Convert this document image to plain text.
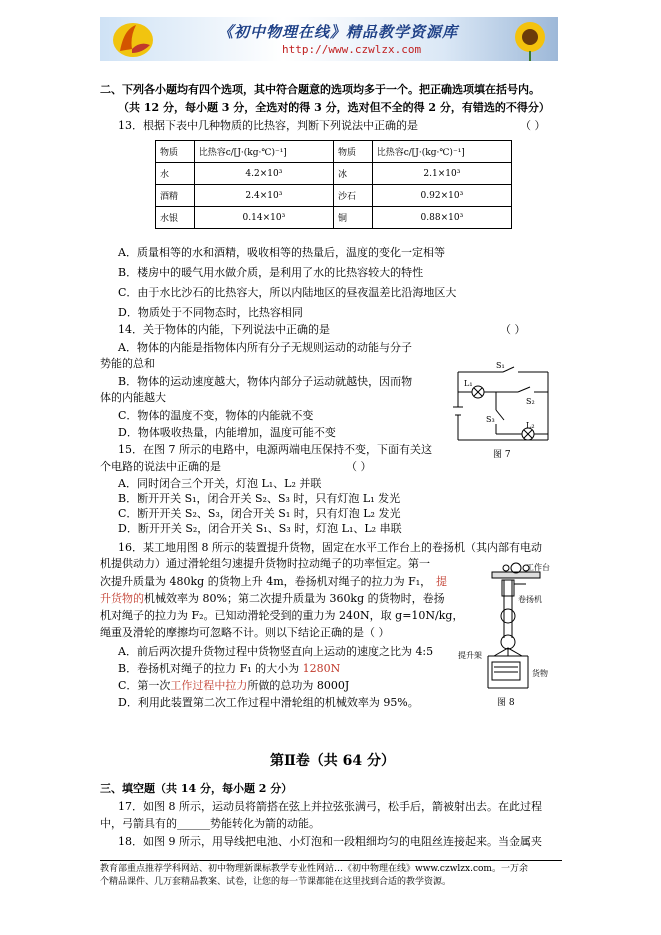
《初中物理在线》精品教学资源库
http://www.czwlzx.com
二、下列各小题均有四个选项，其中符合题意的选项均多于一个。把正确选项填在括号内。
（共 12 分，每小题 3 分，全选对的得 3 分，选对但不全的得 2 分，有错选的不得分）
13．根据下表中几种物质的比热容，判断下列说法中正确的是	（ ）
物质	比热容c/[J·(kg·℃)⁻¹]	物质	比热容c/[J·(kg·℃)⁻¹]
水	4.2×10³	冰	2.1×10³
酒精	2.4×10³	沙石	0.92×10³
水银	0.14×10³	铜	0.88×10³
A．质量相等的水和酒精，吸收相等的热量后，温度的变化一定相等
B．楼房中的暖气用水做介质，是利用了水的比热容较大的特性
C．由于水比沙石的比热容大，所以内陆地区的昼夜温差比沿海地区大
D．物质处于不同物态时，比热容相同
14．关于物体的内能，下列说法中正确的是	（ ）
A．物体的内能是指物体内所有分子无规则运动的动能与分子
势能的总和
B．物体的运动速度越大，物体内部分子运动就越快，因而物
体的内能越大
C．物体的温度不变，物体的内能就不变
D．物体吸收热量，内能增加，温度可能不变
S₁
L₁
S₂
S₃
L₂
图 7
15．在图 7 所示的电路中，电源两端电压保持不变，下面有关这
个电路的说法中正确的是	（ ）
A．同时闭合三个开关，灯泡 L₁、L₂ 并联
B．断开开关 S₁，闭合开关 S₂、S₃ 时，只有灯泡 L₁ 发光
C．断开开关 S₂、S₃，闭合开关 S₁ 时，只有灯泡 L₂ 发光
D．断开开关 S₂，闭合开关 S₁、S₃ 时，灯泡 L₁、L₂ 串联
16．某工地用图 8 所示的装置提升货物，固定在水平工作台上的卷扬机（其内部有电动
机提供动力）通过滑轮组匀速提升货物时拉动绳子的功率恒定。第一
次提升质量为 480kg 的货物上升 4m，卷扬机对绳子的拉力为 F₁， 提
升货物的机械效率为 80%；第二次提升质量为 360kg 的货物时，卷扬
机对绳子的拉力为 F₂。已知动滑轮受到的重力为 240N，取 g=10N/kg，
绳重及滑轮的摩擦均可忽略不计。则以下结论正确的是（ ）
A．前后两次提升货物过程中货物竖直向上运动的速度之比为 4:5
B．卷扬机对绳子的拉力 F₁ 的大小为 1280N
C．第一次工作过程中拉力所做的总功为 8000J
D．利用此装置第二次工作过程中滑轮组的机械效率为 95%。
工作台
卷扬机
提升架
货物
图 8
第Ⅱ卷（共 64 分）
三、填空题（共 14 分，每小题 2 分）
17．如图 8 所示，运动员将箭搭在弦上并拉弦张满弓，松手后，箭被射出去。在此过程
中，弓箭具有的______势能转化为箭的动能。
18．如图 9 所示，用导线把电池、小灯泡和一段粗细均匀的电阻丝连接起来。当金属夹
教育部重点推荐学科网站、初中物理新课标教学专业性网站…《初中物理在线》www.czwlzx.com。一万余
个精品课件、几万套精品教案、试卷，让您的每一节课都能在这里找到合适的教学资源。
